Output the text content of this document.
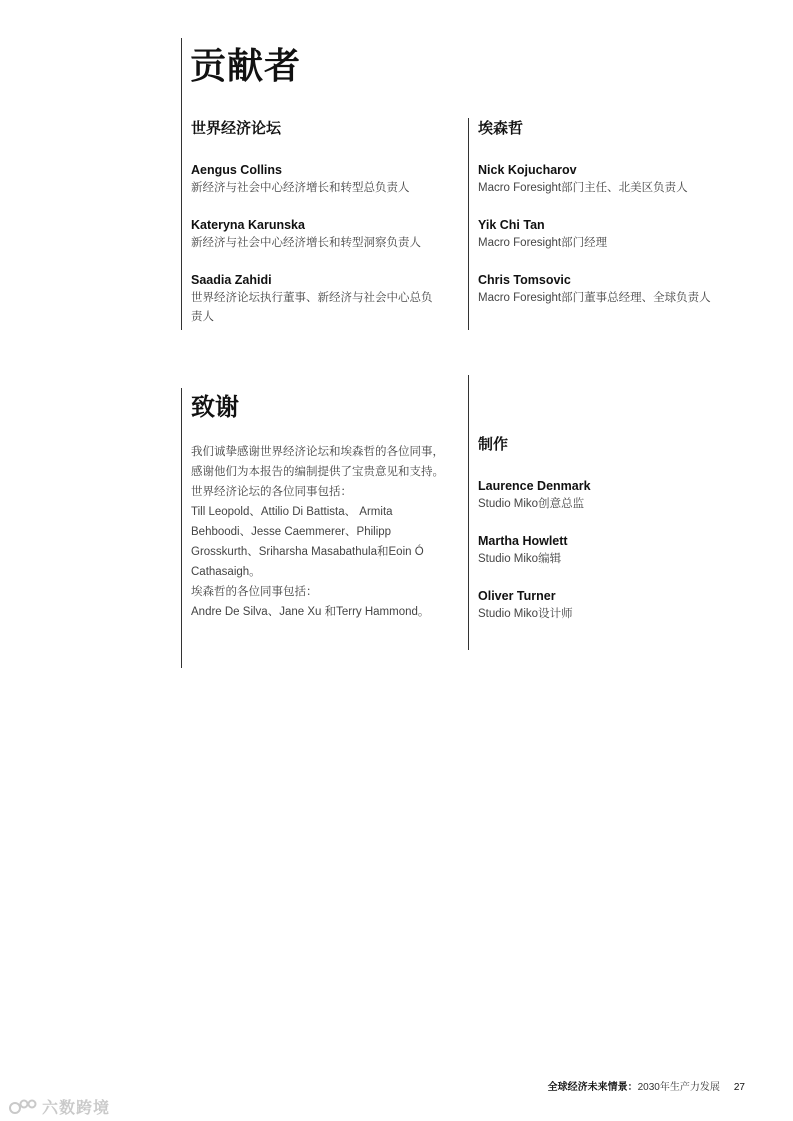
贡献者
世界经济论坛
Aengus Collins
新经济与社会中心经济增长和转型总负责人
Kateryna Karunska
新经济与社会中心经济增长和转型洞察负责人
Saadia Zahidi
世界经济论坛执行董事、新经济与社会中心总负
责人
埃森哲
Nick Kojucharov
Macro Foresight部门主任、北美区负责人
Yik Chi Tan
Macro Foresight部门经理
Chris Tomsovic
Macro Foresight部门董事总经理、全球负责人
致谢
我们诚挚感谢世界经济论坛和埃森哲的各位同事，
感谢他们为本报告的编制提供了宝贵意见和支持。
世界经济论坛的各位同事包括：
Till Leopold、Attilio Di Battista、 Armita
Behboodi、Jesse Caemmerer、Philipp
Grosskurth、Sriharsha Masabathula和Eoin Ó
Cathasaigh。
埃森哲的各位同事包括：
Andre De Silva、Jane Xu 和Terry Hammond。
制作
Laurence Denmark
Studio Miko创意总监
Martha Howlett
Studio Miko编辑
Oliver Turner
Studio Miko设计师
全球经济未来情景：2030年生产力发展 27
六数跨境
